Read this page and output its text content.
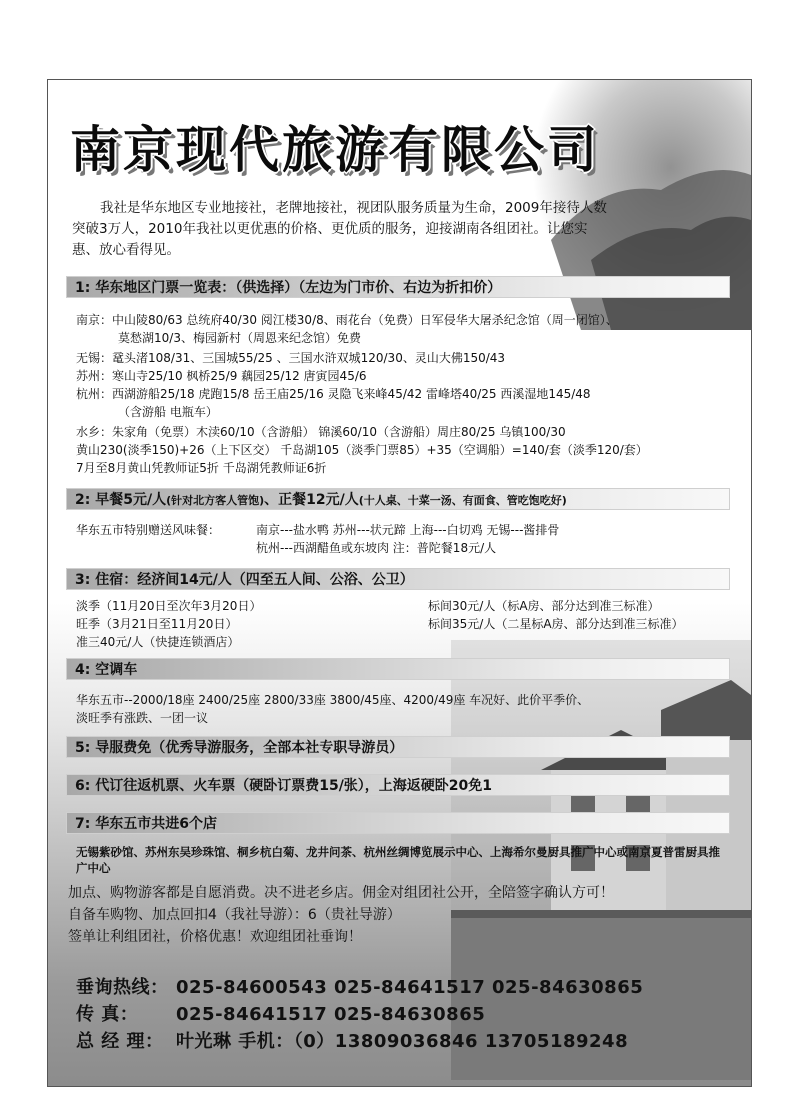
南京现代旅游有限公司
我社是华东地区专业地接社，老牌地接社，视团队服务质量为生命，2009年接待人数突破3万人，2010年我社以更优惠的价格、更优质的服务，迎接湖南各组团社。让您实惠、放心看得见。
1: 华东地区门票一览表：（供选择）（左边为门市价、右边为折扣价）
南京：中山陵80/63 总统府40/30 阅江楼30/8、雨花台（免费）日军侵华大屠杀纪念馆（周一闭馆）、
莫愁湖10/3、梅园新村（周恩来纪念馆）免费
无锡：鼋头渚108/31、三国城55/25 、三国水浒双城120/30、灵山大佛150/43
苏州：寒山寺25/10 枫桥25/9 藕园25/12 唐寅园45/6
杭州：西湖游船25/18 虎跑15/8 岳王庙25/16 灵隐飞来峰45/42 雷峰塔40/25 西溪湿地145/48
（含游船 电瓶车）
水乡：朱家角（免票）木渎60/10（含游船） 锦溪60/10（含游船）周庄80/25 乌镇100/30
黄山230(淡季150)+26（上下区交） 千岛湖105（淡季门票85）+35（空调船）=140/套（淡季120/套）
7月至8月黄山凭教师证5折 千岛湖凭教师证6折
2: 早餐5元/人(针对北方客人管饱)、正餐12元/人(十人桌、十菜一汤、有面食、管吃饱吃好)
华东五市特别赠送风味餐：	南京---盐水鸭 苏州---状元蹄 上海---白切鸡 无锡---酱排骨
杭州---西湖醋鱼或东坡肉 注：普陀餐18元/人
3: 住宿：经济间14元/人（四至五人间、公浴、公卫）
淡季（11月20日至次年3月20日）	标间30元/人（标A房、部分达到准三标准）
旺季（3月21日至11月20日）	标间35元/人（二星标A房、部分达到准三标准）
准三40元/人（快捷连锁酒店）
4: 空调车
华东五市--2000/18座 2400/25座 2800/33座 3800/45座、4200/49座 车况好、此价平季价、
淡旺季有涨跌、一团一议
5: 导服费免（优秀导游服务，全部本社专职导游员）
6: 代订往返机票、火车票（硬卧订票费15/张），上海返硬卧20免1
7: 华东五市共进6个店
无锡紫砂馆、苏州东吴珍珠馆、桐乡杭白菊、龙井问茶、杭州丝绸博览展示中心、上海希尔曼厨具推广中心或南京夏普雷厨具推广中心
加点、购物游客都是自愿消费。决不进老乡店。佣金对组团社公开，全陪签字确认方可！
自备车购物、加点回扣4（我社导游）：6（贵社导游）
签单让利组团社，价格优惠！欢迎组团社垂询！
垂询热线： 025-84600543 025-84641517 025-84630865
传 真： 025-84641517 025-84630865
总 经 理： 叶光琳 手机：（0）13809036846 13705189248
